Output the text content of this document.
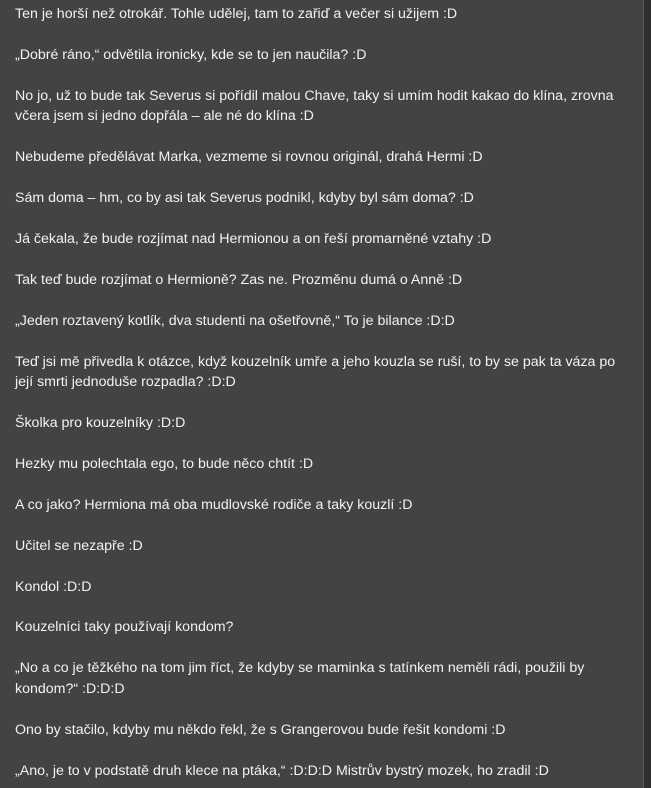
Ten je horší než otrokář. Tohle udělej, tam to zařiď a večer si užijem :D

„Dobré ráno,“ odvětila ironicky, kde se to jen naučila? :D

No jo, už to bude tak Severus si pořídil malou Chave, taky si umím hodit kakao do klína, zrovna včera jsem si jedno dopřála – ale né do klína :D

Nebudeme předělávat Marka, vezmeme si rovnou originál, drahá Hermi :D

Sám doma – hm, co by asi tak Severus podnikl, kdyby byl sám doma? :D

Já čekala, že bude rozjímat nad Hermionou a on řeší promarněné vztahy :D

Tak teď bude rozjímat o Hermioně? Zas ne. Prozměnu dumá o Anně :D

„Jeden roztavený kotlík, dva studenti na ošetřovně,“ To je bilance :D:D

Teď jsi mě přivedla k otázce, když kouzelník umře a jeho kouzla se ruší, to by se pak ta váza po její smrti jednoduše rozpadla? :D:D

Školka pro kouzelníky :D:D

Hezky mu polechtala ego, to bude něco chtít :D

A co jako? Hermiona má oba mudlovské rodiče a taky kouzlí :D

Učitel se nezapře :D

Kondol :D:D

Kouzelníci taky používají kondom?

„No a co je těžkého na tom jim říct, že kdyby se maminka s tatínkem neměli rádi, použili by kondom?“ :D:D:D

Ono by stačilo, kdyby mu někdo řekl, že s Grangerovou bude řešit kondomi :D

„Ano, je to v podstatě druh klece na ptáka,“ :D:D:D Mistrův bystrý mozek, ho zradil :D
